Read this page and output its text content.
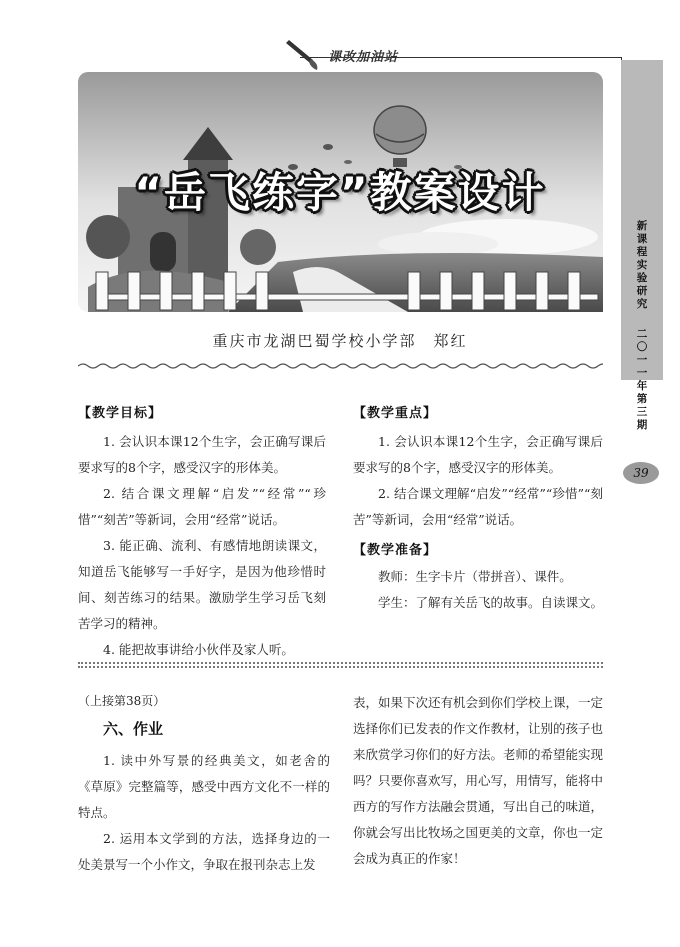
课改加油站
新课程实验研究
二〇一一年第三期
39
“岳飞练字”教案设计
重庆市龙湖巴蜀学校小学部　郑红
【教学目标】

1. 会认识本课12个生字，会正确写课后要求写的8个字，感受汉字的形体美。

2. 结合课文理解“启发”“经常”“珍惜”“刻苦”等新词，会用“经常”说话。

3. 能正确、流利、有感情地朗读课文，知道岳飞能够写一手好字，是因为他珍惜时间、刻苦练习的结果。激励学生学习岳飞刻苦学习的精神。

4. 能把故事讲给小伙伴及家人听。

【教学重点】

1. 会认识本课12个生字，会正确写课后要求写的8个字，感受汉字的形体美。

2. 结合课文理解“启发”“经常”“珍惜”“刻苦”等新词，会用“经常”说话。

【教学准备】

教师：生字卡片（带拼音）、课件。

学生：了解有关岳飞的故事。自读课文。

（上接第38页）
六、作业

1. 读中外写景的经典美文，如老舍的《草原》完整篇等，感受中西方文化不一样的特点。

2. 运用本文学到的方法，选择身边的一处美景写一个小作文，争取在报刊杂志上发

表，如果下次还有机会到你们学校上课，一定选择你们已发表的作文作教材，让别的孩子也来欣赏学习你们的好方法。老师的希望能实现吗？只要你喜欢写，用心写，用情写，能将中西方的写作方法融会贯通，写出自己的味道，你就会写出比牧场之国更美的文章，你也一定会成为真正的作家！
